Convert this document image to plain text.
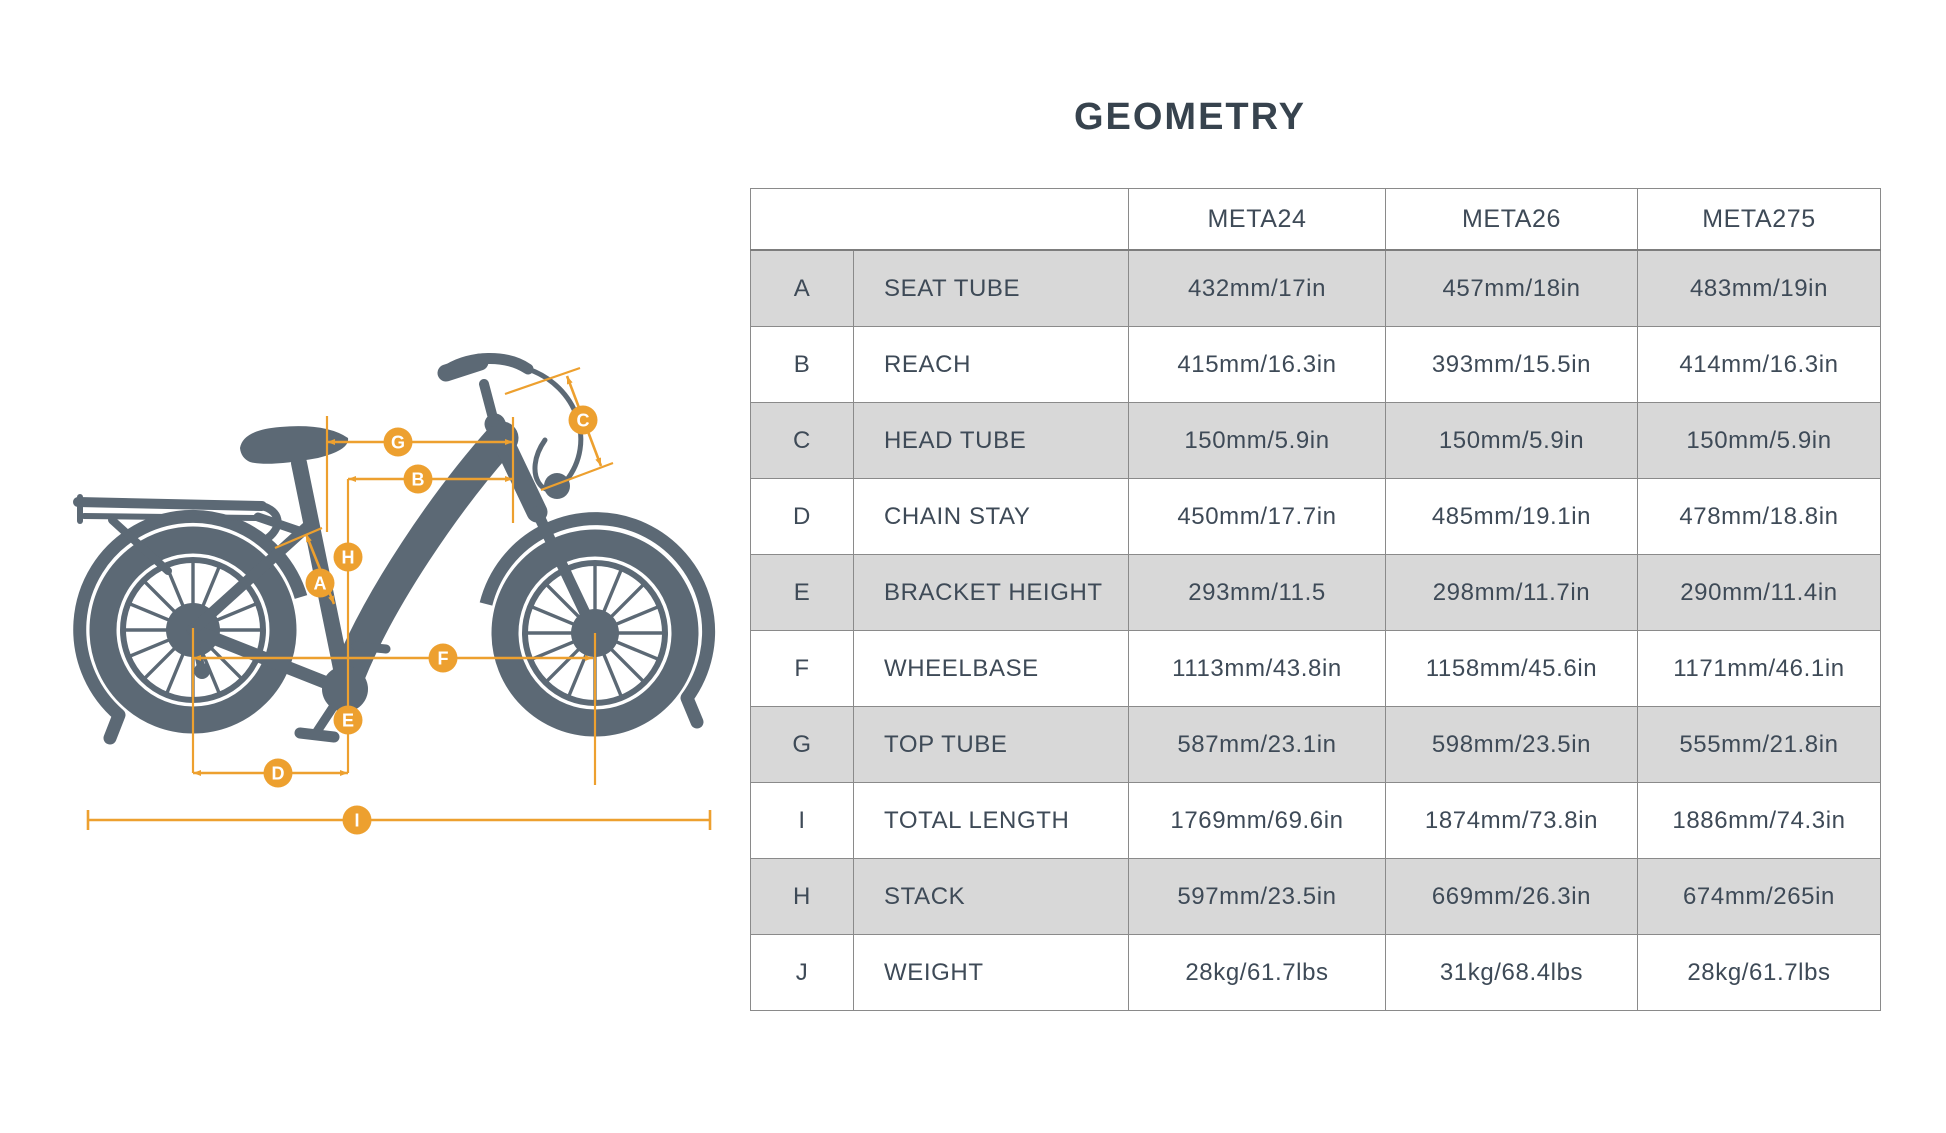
GEOMETRY
G
B
C
H
A
F
E
D
I
		META24	META26	META275
A	SEAT TUBE	432mm/17in	457mm/18in	483mm/19in
B	REACH	415mm/16.3in	393mm/15.5in	414mm/16.3in
C	HEAD TUBE	150mm/5.9in	150mm/5.9in	150mm/5.9in
D	CHAIN STAY	450mm/17.7in	485mm/19.1in	478mm/18.8in
E	BRACKET HEIGHT	293mm/11.5	298mm/11.7in	290mm/11.4in
F	WHEELBASE	1113mm/43.8in	1158mm/45.6in	1171mm/46.1in
G	TOP TUBE	587mm/23.1in	598mm/23.5in	555mm/21.8in
I	TOTAL LENGTH	1769mm/69.6in	1874mm/73.8in	1886mm/74.3in
H	STACK	597mm/23.5in	669mm/26.3in	674mm/265in
J	WEIGHT	28kg/61.7lbs	31kg/68.4lbs	28kg/61.7lbs
